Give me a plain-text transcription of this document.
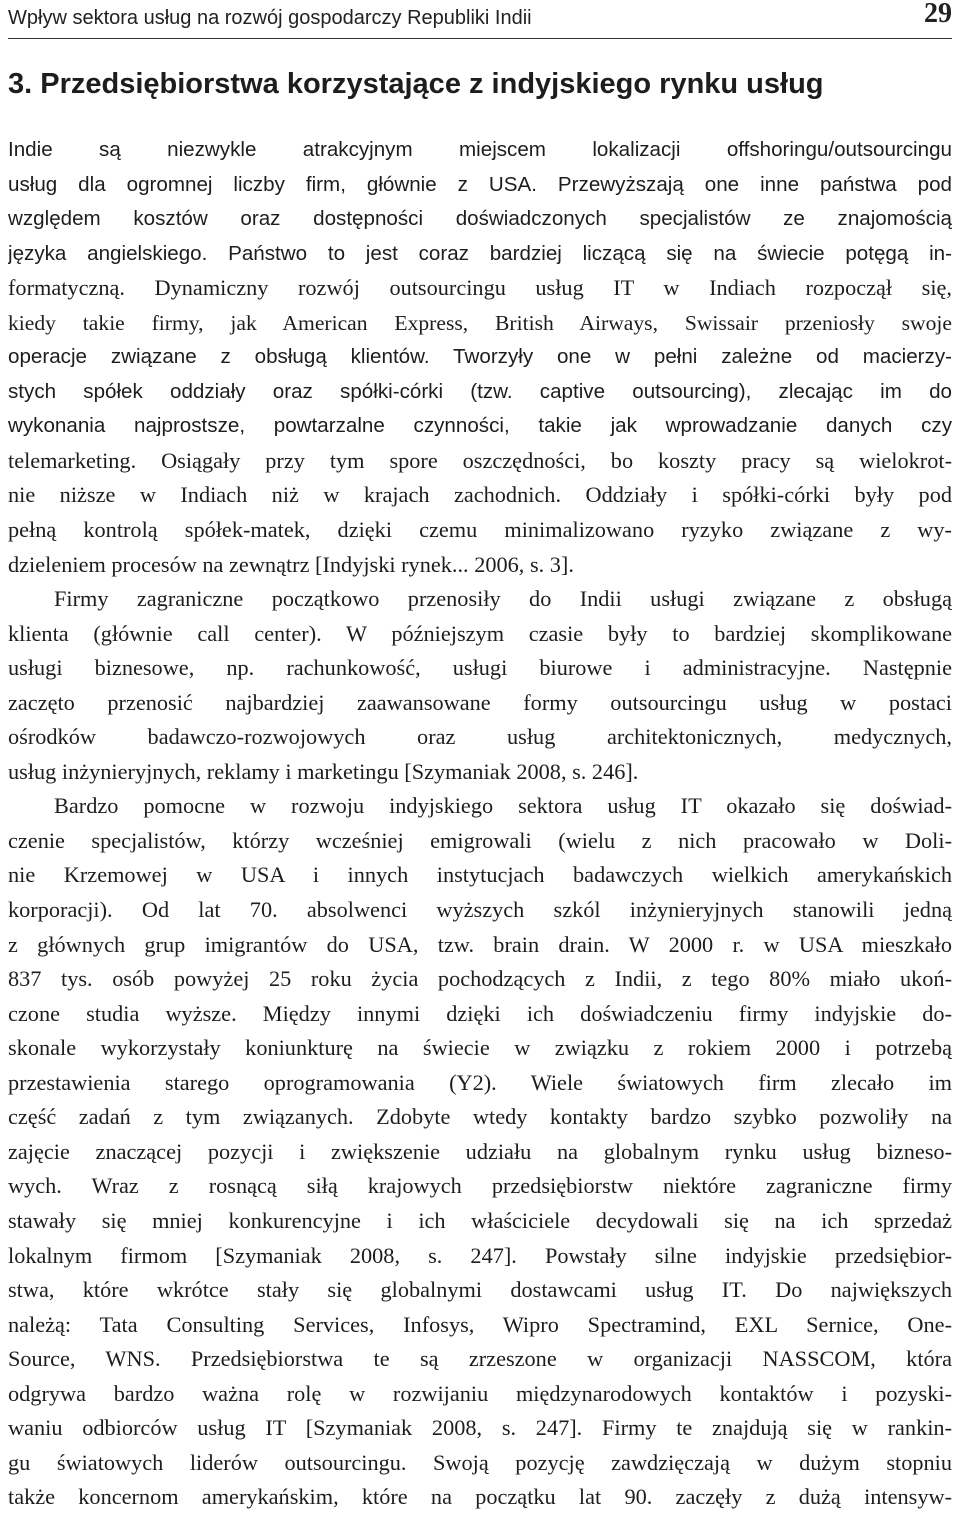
Wpływ sektora usług na rozwój gospodarczy Republiki Indii	29
3. Przedsiębiorstwa korzystające z indyjskiego rynku usług
Indie są niezwykle atrakcyjnym miejscem lokalizacji offshoringu/outsourcingu
usług dla ogromnej liczby firm, głównie z USA. Przewyższają one inne państwa pod
względem kosztów oraz dostępności doświadczonych specjalistów ze znajomością
języka angielskiego. Państwo to jest coraz bardziej liczącą się na świecie potęgą in-
formatyczną. Dynamiczny rozwój outsourcingu usług IT w Indiach rozpoczął się,
kiedy takie firmy, jak American Express, British Airways, Swissair przeniosły swoje
operacje związane z obsługą klientów. Tworzyły one w pełni zależne od macierzy-
stych spółek oddziały oraz spółki-córki (tzw. captive outsourcing), zlecając im do
wykonania najprostsze, powtarzalne czynności, takie jak wprowadzanie danych czy
telemarketing. Osiągały przy tym spore oszczędności, bo koszty pracy są wielokrot-
nie niższe w Indiach niż w krajach zachodnich. Oddziały i spółki-córki były pod
pełną kontrolą spółek-matek, dzięki czemu minimalizowano ryzyko związane z wy-
dzieleniem procesów na zewnątrz [Indyjski rynek... 2006, s. 3].
Firmy zagraniczne początkowo przenosiły do Indii usługi związane z obsługą
klienta (głównie call center). W późniejszym czasie były to bardziej skomplikowane
usługi biznesowe, np. rachunkowość, usługi biurowe i administracyjne. Następnie
zaczęto przenosić najbardziej zaawansowane formy outsourcingu usług w postaci
ośrodków badawczo-rozwojowych oraz usług architektonicznych, medycznych,
usług inżynieryjnych, reklamy i marketingu [Szymaniak 2008, s. 246].
Bardzo pomocne w rozwoju indyjskiego sektora usług IT okazało się doświad-
czenie specjalistów, którzy wcześniej emigrowali (wielu z nich pracowało w Doli-
nie Krzemowej w USA i innych instytucjach badawczych wielkich amerykańskich
korporacji). Od lat 70. absolwenci wyższych szkól inżynieryjnych stanowili jedną
z głównych grup imigrantów do USA, tzw. brain drain. W 2000 r. w USA mieszkało
837 tys. osób powyżej 25 roku życia pochodzących z Indii, z tego 80% miało ukoń-
czone studia wyższe. Między innymi dzięki ich doświadczeniu firmy indyjskie do-
skonale wykorzystały koniunkturę na świecie w związku z rokiem 2000 i potrzebą
przestawienia starego oprogramowania (Y2). Wiele światowych firm zlecało im
część zadań z tym związanych. Zdobyte wtedy kontakty bardzo szybko pozwoliły na
zajęcie znaczącej pozycji i zwiększenie udziału na globalnym rynku usług bizneso-
wych. Wraz z rosnącą siłą krajowych przedsiębiorstw niektóre zagraniczne firmy
stawały się mniej konkurencyjne i ich właściciele decydowali się na ich sprzedaż
lokalnym firmom [Szymaniak 2008, s. 247]. Powstały silne indyjskie przedsiębior-
stwa, które wkrótce stały się globalnymi dostawcami usług IT. Do największych
należą: Tata Consulting Services, Infosys, Wipro Spectramind, EXL Sernice, One-
Source, WNS. Przedsiębiorstwa te są zrzeszone w organizacji NASSCOM, która
odgrywa bardzo ważna rolę w rozwijaniu międzynarodowych kontaktów i pozyski-
waniu odbiorców usług IT [Szymaniak 2008, s. 247]. Firmy te znajdują się w rankin-
gu światowych liderów outsourcingu. Swoją pozycję zawdzięczają w dużym stopniu
także koncernom amerykańskim, które na początku lat 90. zaczęły z dużą intensyw-
